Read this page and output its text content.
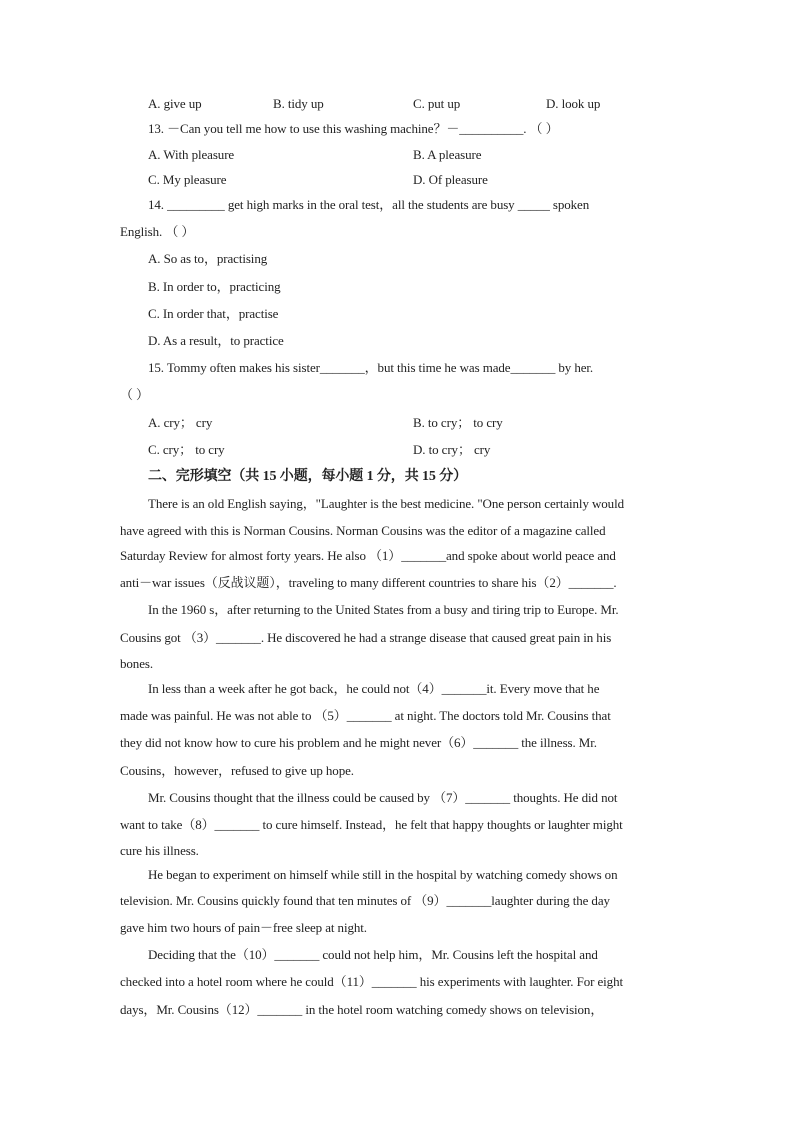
A. give up	B. tidy up	C. put up	D. look up
13. －Can you tell me how to use this washing machine？－__________. （ ）
A. With pleasure	B. A pleasure
C. My pleasure	D. Of pleasure
14. _________ get high marks in the oral test，all the students are busy _____ spoken
English. （ ）
A. So as to，practising
B. In order to，practicing
C. In order that，practise
D. As a result，to practice
15. Tommy often makes his sister_______，but this time he was made_______ by her.
（ ）
A. cry； cry	B. to cry； to cry
C. cry； to cry	D. to cry； cry
二、完形填空（共 15 小题，每小题 1 分，共 15 分）
There is an old English saying，"Laughter is the best medicine. "One person certainly would
have agreed with this is Norman Cousins. Norman Cousins was the editor of a magazine called
Saturday Review for almost forty years. He also （1）_______and spoke about world peace and
anti－war issues（反战议题），traveling to many different countries to share his（2）_______.
In the 1960 s，after returning to the United States from a busy and tiring trip to Europe. Mr.
Cousins got （3）_______. He discovered he had a strange disease that caused great pain in his
bones.
In less than a week after he got back，he could not（4）_______it. Every move that he
made was painful. He was not able to （5）_______ at night. The doctors told Mr. Cousins that
they did not know how to cure his problem and he might never（6）_______ the illness. Mr.
Cousins，however，refused to give up hope.
Mr. Cousins thought that the illness could be caused by （7）_______ thoughts. He did not
want to take（8）_______ to cure himself. Instead，he felt that happy thoughts or laughter might
cure his illness.
He began to experiment on himself while still in the hospital by watching comedy shows on
television. Mr. Cousins quickly found that ten minutes of （9）_______laughter during the day
gave him two hours of pain－free sleep at night.
Deciding that the（10）_______ could not help him，Mr. Cousins left the hospital and
checked into a hotel room where he could（11）_______ his experiments with laughter. For eight
days，Mr. Cousins（12）_______ in the hotel room watching comedy shows on television，
